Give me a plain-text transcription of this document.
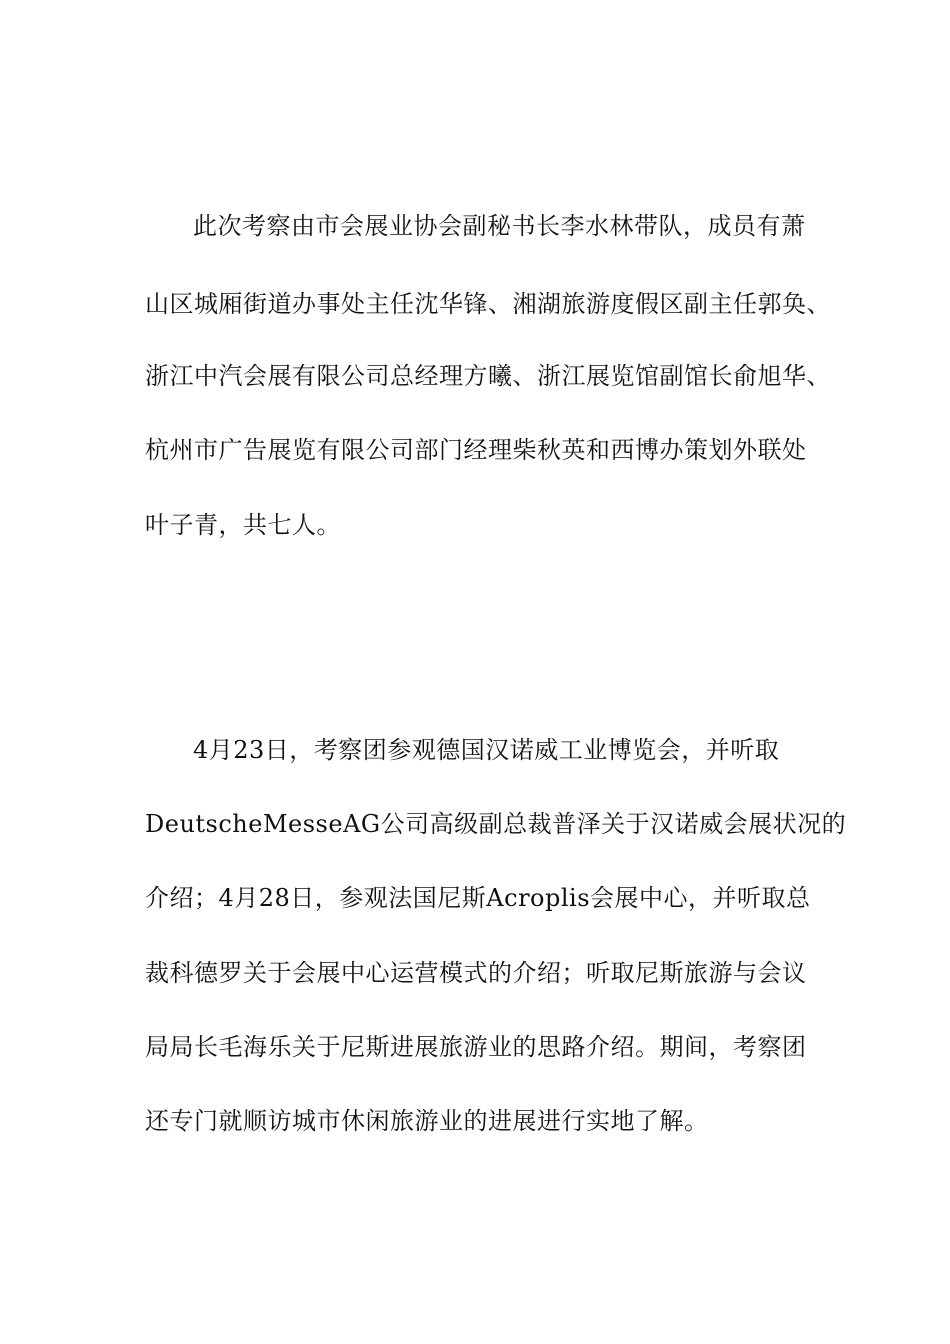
此次考察由市会展业协会副秘书长李水林带队，成员有萧
山区城厢街道办事处主任沈华锋、湘湖旅游度假区副主任郭奂、
浙江中汽会展有限公司总经理方曦、浙江展览馆副馆长俞旭华、
杭州市广告展览有限公司部门经理柴秋英和西博办策划外联处
叶子青，共七人。
4月23日，考察团参观德国汉诺威工业博览会，并听取
DeutscheMesseAG公司高级副总裁普泽关于汉诺威会展状况的
介绍；4月28日，参观法国尼斯Acroplis会展中心，并听取总
裁科德罗关于会展中心运营模式的介绍；听取尼斯旅游与会议
局局长毛海乐关于尼斯进展旅游业的思路介绍。期间，考察团
还专门就顺访城市休闲旅游业的进展进行实地了解。
